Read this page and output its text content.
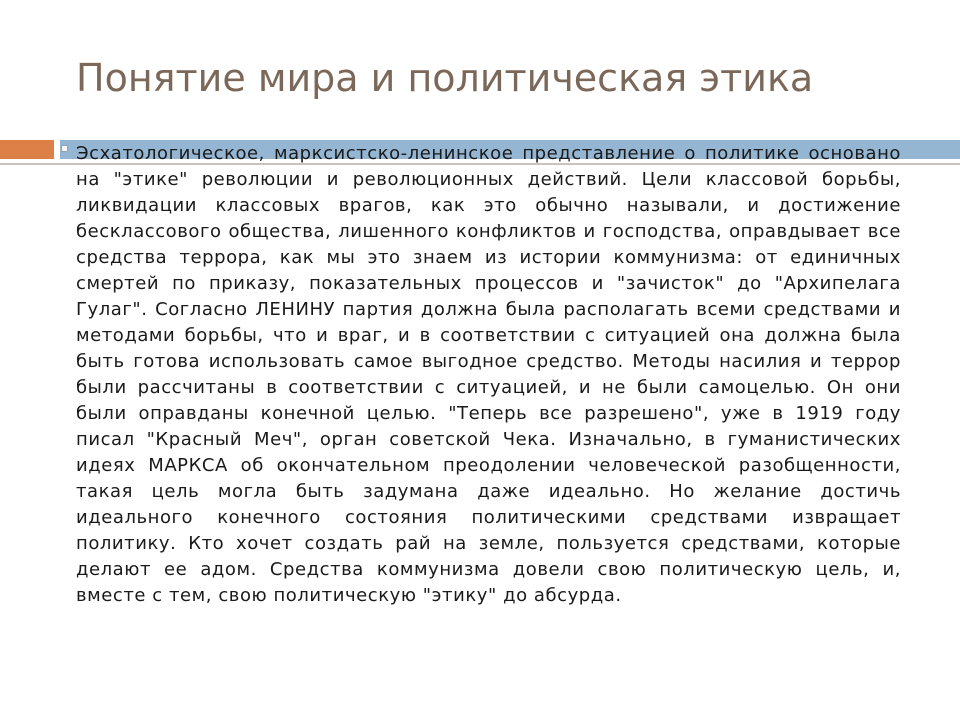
Понятие мира и политическая этика

Эсхатологическое, марксистско-ленинское представление о политике основано на "этике" революции и революционных действий. Цели классовой борьбы, ликвидации классовых врагов, как это обычно называли, и достижение бесклассового общества, лишенного конфликтов и господства, оправдывает все средства террора, как мы это знаем из истории коммунизма: от единичных смертей по приказу, показательных процессов и "зачисток" до "Архипелага Гулаг". Согласно ЛЕНИНУ партия должна была располагать всеми средствами и методами борьбы, что и враг, и в соответствии с ситуацией она должна была быть готова использовать самое выгодное средство. Методы насилия и террор были рассчитаны в соответствии с ситуацией, и не были самоцелью. Он они были оправданы конечной целью. "Теперь все разрешено", уже в 1919 году писал "Красный Меч", орган советской Чека. Изначально, в гуманистических идеях МАРКСА об окончательном преодолении человеческой разобщенности, такая цель могла быть задумана даже идеально. Но желание достичь идеального конечного состояния политическими средствами извращает политику. Кто хочет создать рай на земле, пользуется средствами, которые делают ее адом. Средства коммунизма довели свою политическую цель, и, вместе с тем, свою политическую "этику" до абсурда.
